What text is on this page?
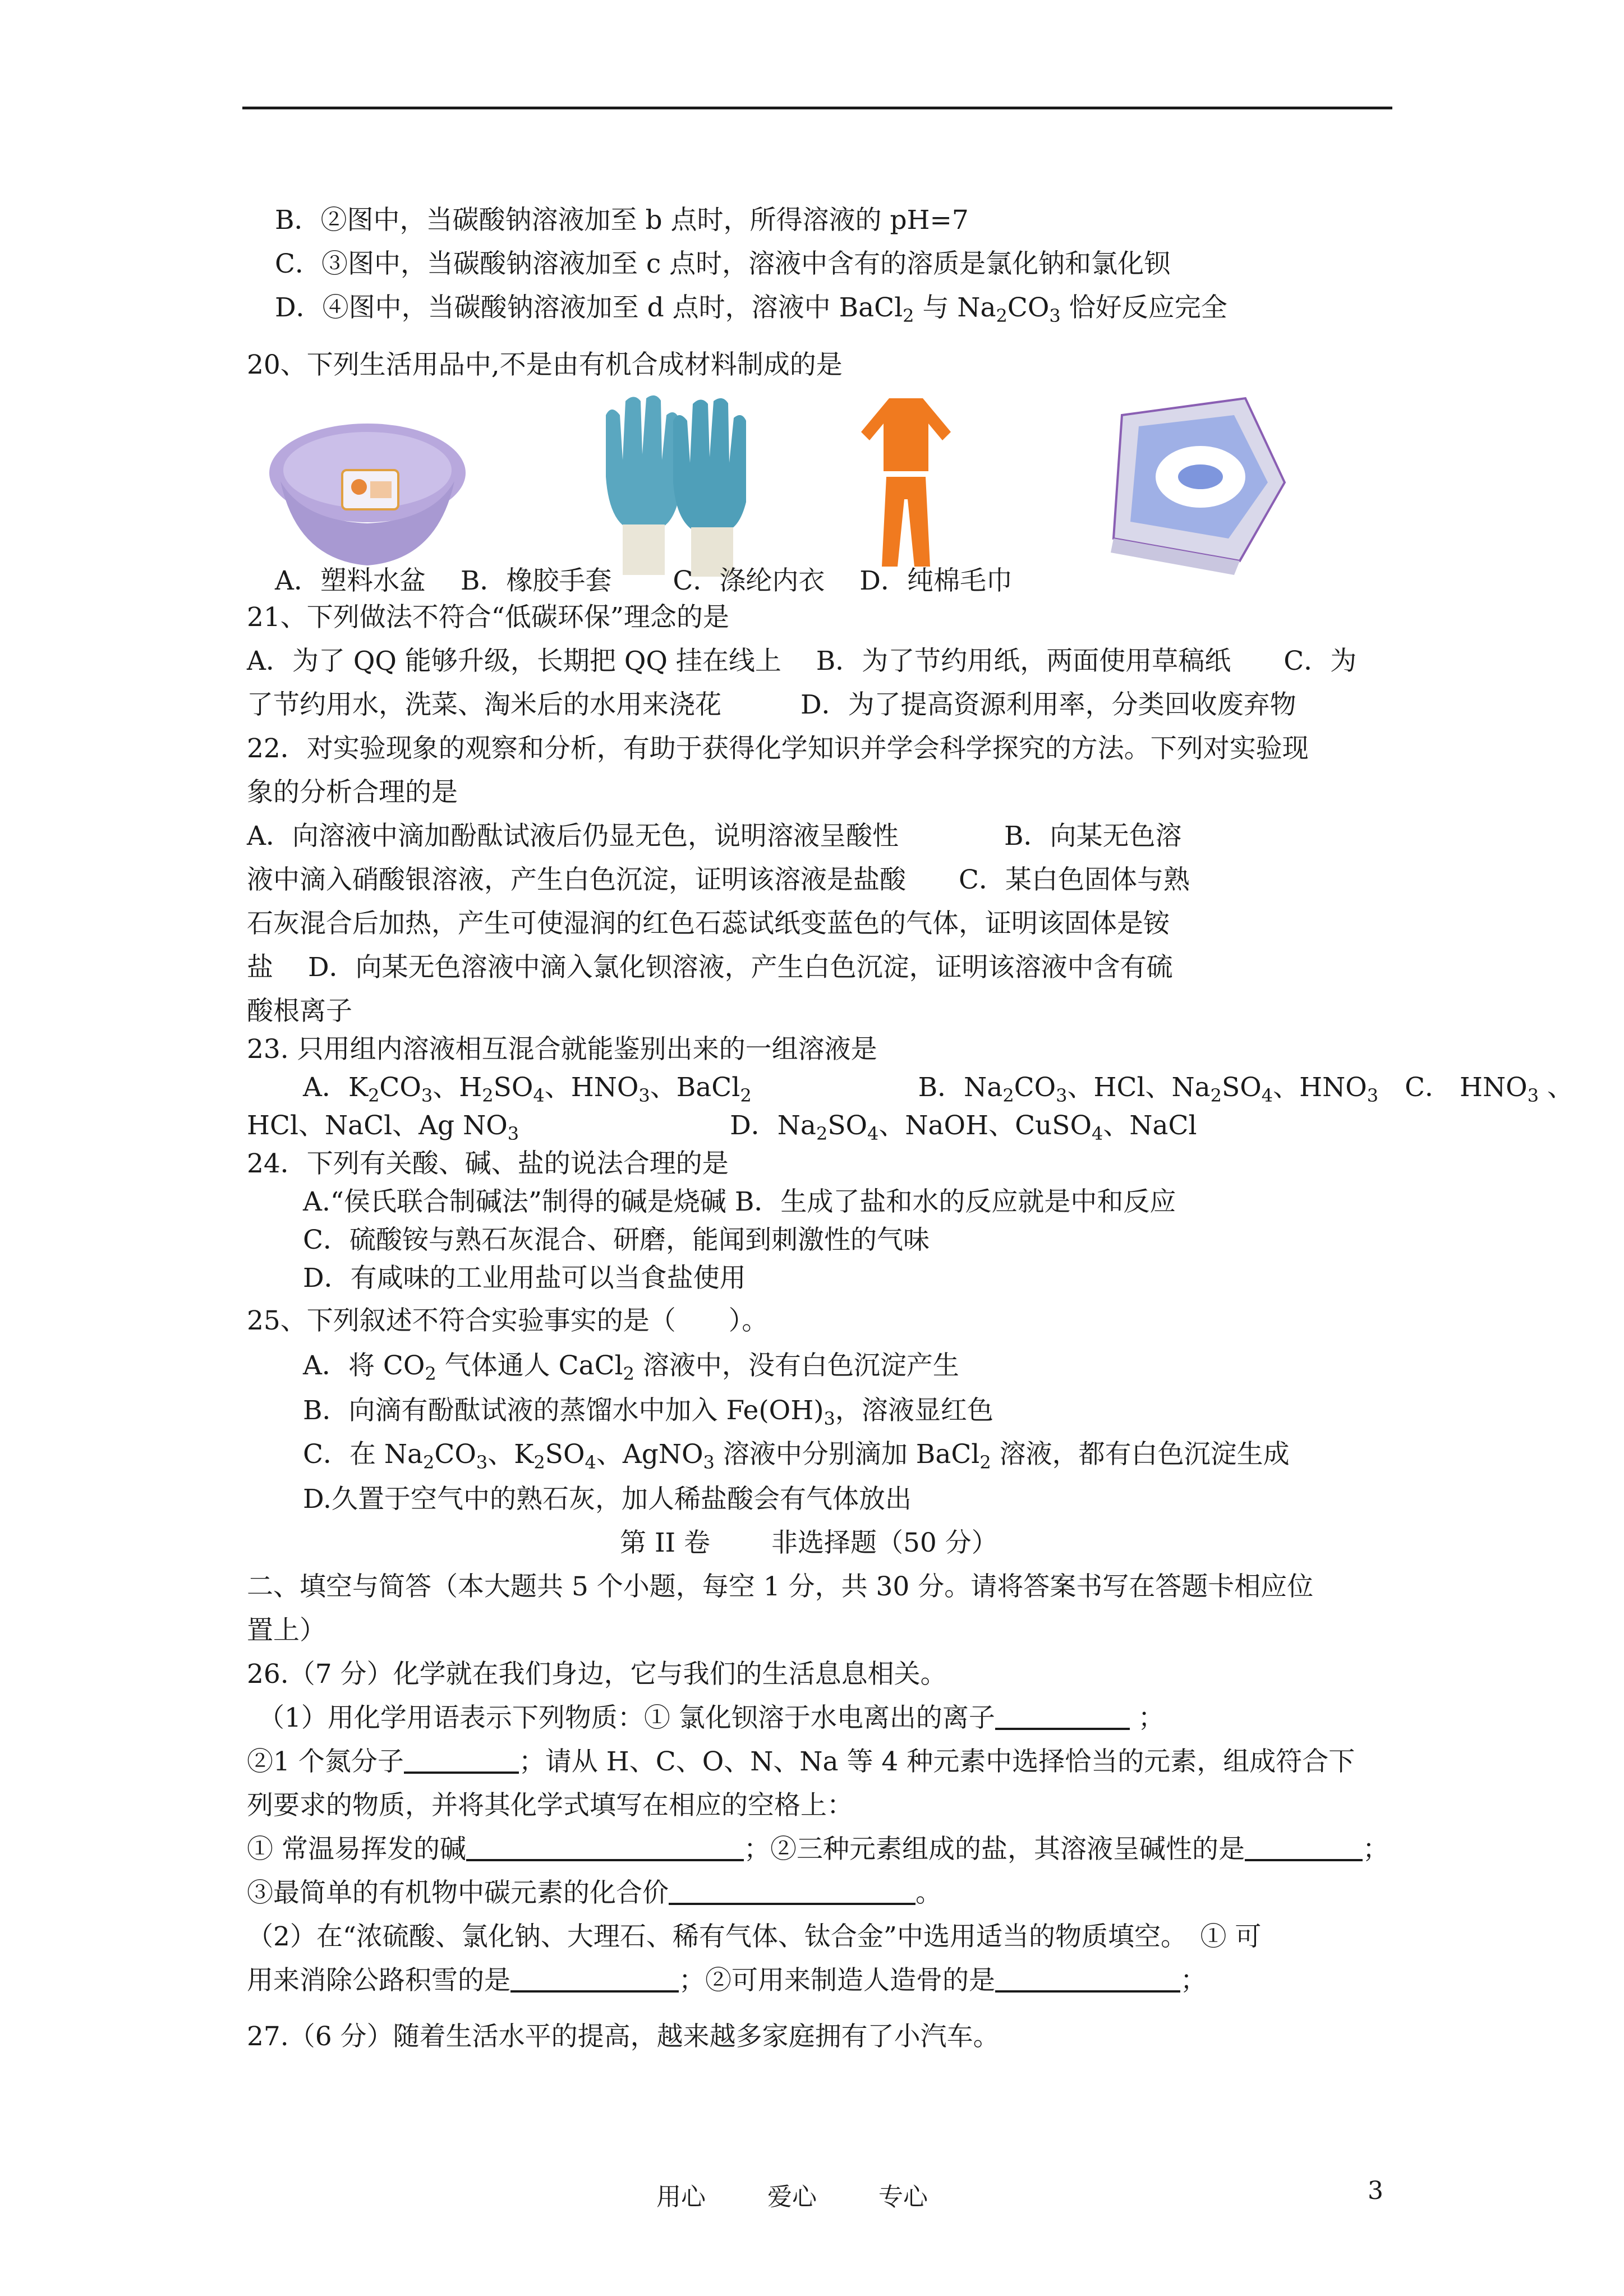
B．②图中，当碳酸钠溶液加至 b 点时，所得溶液的 pH=7
C．③图中，当碳酸钠溶液加至 c 点时，溶液中含有的溶质是氯化钠和氯化钡
D．④图中，当碳酸钠溶液加至 d 点时，溶液中 BaCl$_2$ 与 $Na_2CO_3$ 恰好反应完全
20、下列生活用品中,不是由有机合成材料制成的是
A．塑料水盆　 B．橡胶手套　　 C．涤纶内衣　 D．纯棉毛巾
21、下列做法不符合“低碳环保”理念的是
A．为了 QQ 能够升级，长期把 QQ 挂在线上　 B．为了节约用纸，两面使用草稿纸　　C．为
了节约用水，洗菜、淘米后的水用来浇花　　　D．为了提高资源利用率，分类回收废弃物
22．对实验现象的观察和分析，有助于获得化学知识并学会科学探究的方法。下列对实验现
象的分析合理的是
A．向溶液中滴加酚酞试液后仍显无色，说明溶液呈酸性　　　　B．向某无色溶
液中滴入硝酸银溶液，产生白色沉淀，证明该溶液是盐酸　　C．某白色固体与熟
石灰混合后加热，产生可使湿润的红色石蕊试纸变蓝色的气体，证明该固体是铵
盐　 D．向某无色溶液中滴入氯化钡溶液，产生白色沉淀，证明该溶液中含有硫
酸根离子
23. 只用组内溶液相互混合就能鉴别出来的一组溶液是
A．$K_2CO_3$、$H_2SO_4$、$HNO_3$、BaCl$_2$　　　　　　	B．$Na_2CO_3$、HCl、$Na_2SO_4$、$HNO_3$　 C． $HNO_3$ 、
HCl、NaCl、Ag $NO_3$　　　　　　　　	D．$Na_2SO_4$、NaOH、CuSO$_4$、NaCl
24．下列有关酸、碱、盐的说法合理的是
A.“侯氏联合制碱法”制得的碱是烧碱 B．生成了盐和水的反应就是中和反应
C．硫酸铵与熟石灰混合、研磨，能闻到刺激性的气味
D．有咸味的工业用盐可以当食盐使用
25、下列叙述不符合实验事实的是（　　）。
A．将 $CO_2$ 气体通人 CaCl$_2$ 溶液中，没有白色沉淀产生
B．向滴有酚酞试液的蒸馏水中加入 $Fe(OH)_3$，溶液显红色
C．在 $Na_2CO_3$、$K_2SO_4$、AgNO$_3$ 溶液中分别滴加 BaCl$_2$ 溶液，都有白色沉淀生成
D.久置于空气中的熟石灰，加人稀盐酸会有气体放出
第 II 卷　　 非选择题（50 分）
二、填空与简答（本大题共 5 个小题，每空 1 分，共 30 分。请将答案书写在答题卡相应位
置上）
26.（7 分）化学就在我们身边，它与我们的生活息息相关。
（1）用化学用语表示下列物质：① 氯化钡溶于水电离出的离子	；
②1 个氮分子	；请从 H、C、O、N、Na 等 4 种元素中选择恰当的元素，组成符合下
列要求的物质，并将其化学式填写在相应的空格上：
① 常温易挥发的碱	；②三种元素组成的盐，其溶液呈碱性的是	；
③最简单的有机物中碳元素的化合价	。
（2）在“浓硫酸、氯化钠、大理石、稀有气体、钛合金”中选用适当的物质填空。　① 可
用来消除公路积雪的是	；②可用来制造人造骨的是	；
27.（6 分）随着生活水平的提高，越来越多家庭拥有了小汽车。
用心	爱心	专心	3
